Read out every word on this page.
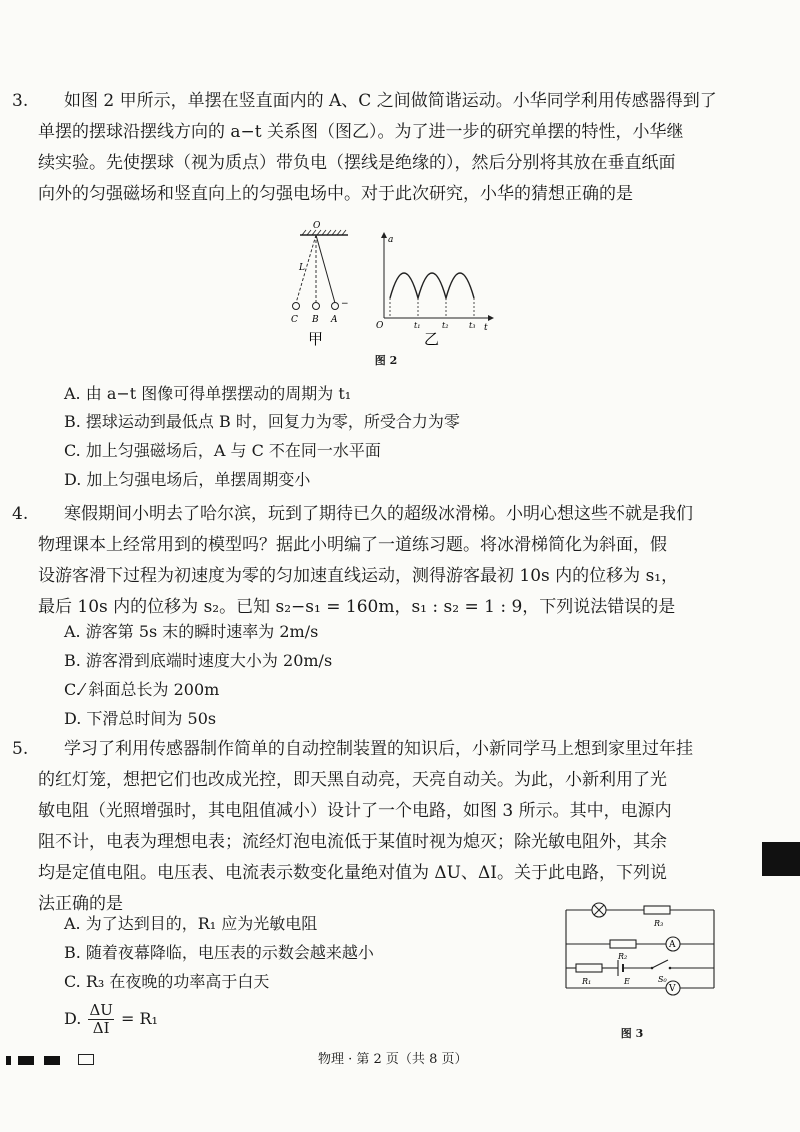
3. 如图 2 甲所示，单摆在竖直面内的 A、C 之间做简谐运动。小华同学利用传感器得到了

单摆的摆球沿摆线方向的 a−t 关系图（图乙）。为了进一步的研究单摆的特性，小华继

续实验。先使摆球（视为质点）带负电（摆线是绝缘的），然后分别将其放在垂直纸面

向外的匀强磁场和竖直向上的匀强电场中。对于此次研究，小华的猜想正确的是

O
L
C B A
−
甲
a
t
O	t₁	t₂	t₃
乙
图 2
A. 由 a−t 图像可得单摆摆动的周期为 t₁
B. 摆球运动到最低点 B 时，回复力为零，所受合力为零
C. 加上匀强磁场后，A 与 C 不在同一水平面
D. 加上匀强电场后，单摆周期变小

4. 寒假期间小明去了哈尔滨，玩到了期待已久的超级冰滑梯。小明心想这些不就是我们

物理课本上经常用到的模型吗？据此小明编了一道练习题。将冰滑梯简化为斜面，假

设游客滑下过程为初速度为零的匀加速直线运动，测得游客最初 10s 内的位移为 s₁，

最后 10s 内的位移为 s₂。已知 s₂−s₁ = 160m，s₁ : s₂ = 1 : 9，下列说法错误的是

A. 游客第 5s 末的瞬时速率为 2m/s
B. 游客滑到底端时速度大小为 20m/s
C.⁄ 斜面总长为 200m
D. 下滑总时间为 50s

5. 学习了利用传感器制作简单的自动控制装置的知识后，小新同学马上想到家里过年挂

的红灯笼，想把它们也改成光控，即天黑自动亮，天亮自动关。为此，小新利用了光

敏电阻（光照增强时，其电阻值减小）设计了一个电路，如图 3 所示。其中，电源内

阻不计，电表为理想电表；流经灯泡电流低于某值时视为熄灭；除光敏电阻外，其余

均是定值电阻。电压表、电流表示数变化量绝对值为 ΔU、ΔI。关于此电路，下列说

法正确的是

A. 为了达到目的，R₁ 应为光敏电阻
B. 随着夜幕降临，电压表的示数会越来越小
C. R₃ 在夜晚的功率高于白天
D. $\frac{\Delta U}{\Delta I} = R_1$
R₃
R₂
R₁	E	S₀
A
V
图 3
物理 · 第 2 页（共 8 页）
